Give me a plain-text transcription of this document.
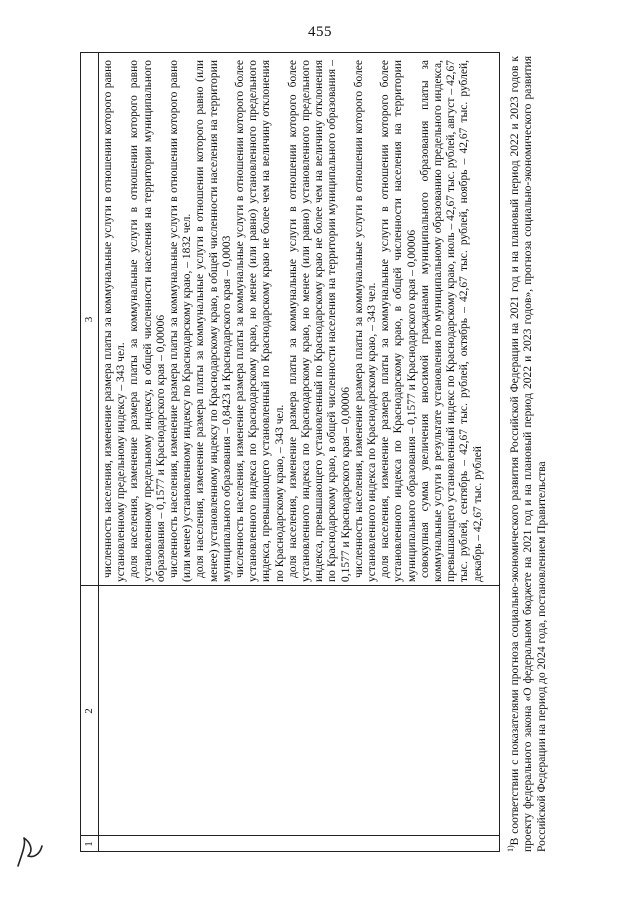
455
1
2
3 численность населения, изменение размера платы за коммунальные услуги в отношении которого равно установленному предельному индексу – 343 чел. доля населения, изменение размера платы за коммунальные услуги в отношении которого равно установленному предельному индексу, в общей численности населения на территории муниципального образования – 0,1577 и Краснодарского края – 0,00006 численность населения, изменение размера платы за коммунальные услуги в отношении которого равно (или менее) установленному индексу по Краснодарскому краю, – 1832 чел. доля населения, изменение размера платы за коммунальные услуги в отношении которого равно (или менее) установленному индексу по Краснодарскому краю, в общей численности населения на территории муниципального образования – 0,8423 и Краснодарского края – 0,0003 численность населения, изменение размера платы за коммунальные услуги в отношении которого более установленного индекса по Краснодарскому краю, но менее (или равно) установленного предельного индекса, превышающего установленный по Краснодарскому краю не более чем на величину отклонения по Краснодарскому краю, – 343 чел. доля населения, изменение размера платы за коммунальные услуги в отношении которого более установленного индекса по Краснодарскому краю, но менее (или равно) установленного предельного индекса, превышающего установленный по Краснодарскому краю не более чем на величину отклонения по Краснодарскому краю, в общей численности населения на территории муниципального образования – 0,1577 и Краснодарского края – 0,00006 численность населения, изменение размера платы за коммунальные услуги в отношении которого более установленного индекса по Краснодарскому краю, – 343 чел. доля населения, изменение размера платы за коммунальные услуги в отношении которого более установленного индекса по Краснодарскому краю, в общей численности населения на территории муниципального образования – 0,1577 и Краснодарского края – 0,00006 совокупная сумма увеличения вносимой гражданами муниципального образования платы за коммунальные услуги в результате установления по муниципальному образованию предельного индекса, превышающего установленный индекс по Краснодарскому краю, июль – 42,67 тыс. рублей, август – 42,67 тыс. рублей, сентябрь – 42,67 тыс. рублей, октябрь – 42,67 тыс. рублей, ноябрь – 42,67 тыс. рублей, декабрь – 42,67 тыс. рублей

$^{1)}$В соответствии с показателями прогноза социально-экономического развития Российской Федерации на 2021 год и на плановый период 2022 и 2023 годов к проекту федерального закона «О федеральном бюджете на 2021 год и на плановый период 2022 и 2023 годов», прогноза социально-экономического развития Российской Федерации на период до 2024 года, постановлением Правительства
